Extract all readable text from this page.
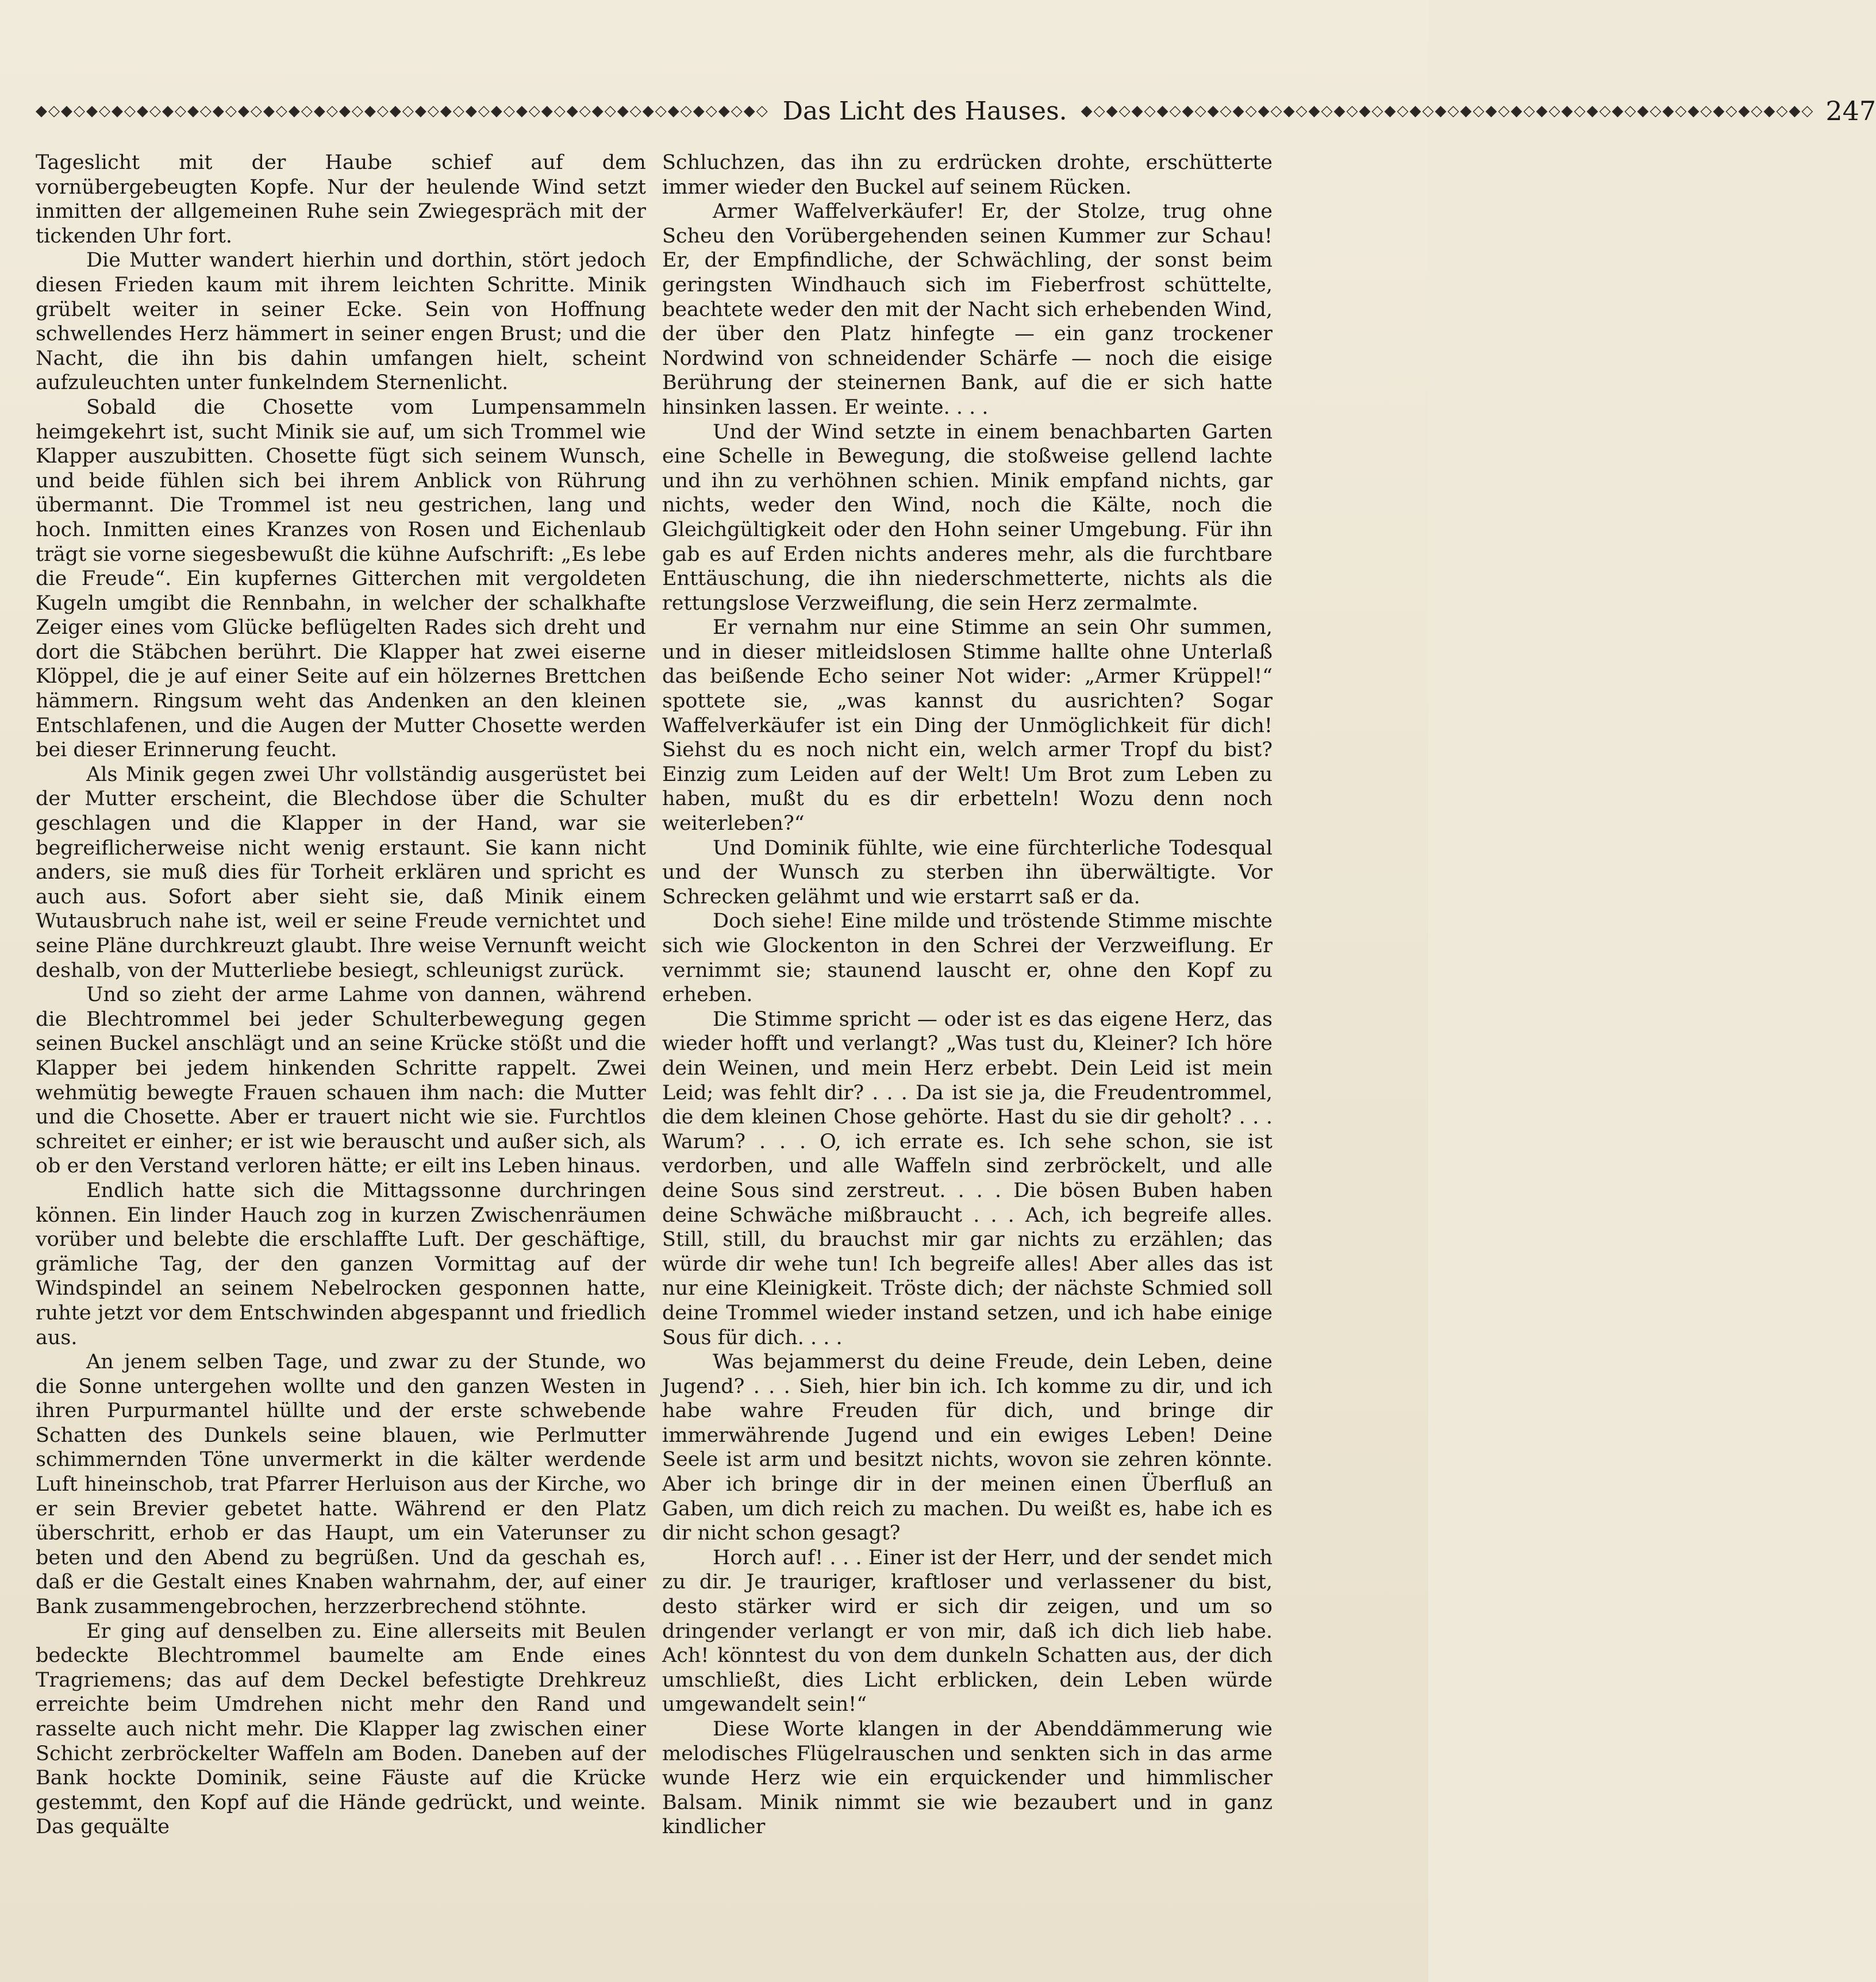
◆◇◆◇◆◇◆◇◆◇◆◇◆◇◆◇◆◇◆◇◆◇◆◇◆◇◆◇◆◇◆◇◆◇◆◇◆◇◆◇◆◇◆◇◆◇◆◇◆◇◆◇◆◇◆◇◆◇ Das Licht des Hauses. ◆◇◆◇◆◇◆◇◆◇◆◇◆◇◆◇◆◇◆◇◆◇◆◇◆◇◆◇◆◇◆◇◆◇◆◇◆◇◆◇◆◇◆◇◆◇◆◇◆◇◆◇◆◇◆◇◆◇ 247

Tageslicht mit der Haube schief auf dem vornübergebeugten Kopfe. Nur der heulende Wind setzt inmitten der allgemeinen Ruhe sein Zwiegespräch mit der tickenden Uhr fort.

Die Mutter wandert hierhin und dorthin, stört jedoch diesen Frieden kaum mit ihrem leichten Schritte. Minik grübelt weiter in seiner Ecke. Sein von Hoffnung schwellendes Herz hämmert in seiner engen Brust; und die Nacht, die ihn bis dahin umfangen hielt, scheint aufzuleuchten unter funkelndem Sternenlicht.

Sobald die Chosette vom Lumpensammeln heimgekehrt ist, sucht Minik sie auf, um sich Trommel wie Klapper auszubitten. Chosette fügt sich seinem Wunsch, und beide fühlen sich bei ihrem Anblick von Rührung übermannt. Die Trommel ist neu gestrichen, lang und hoch. Inmitten eines Kranzes von Rosen und Eichenlaub trägt sie vorne siegesbewußt die kühne Aufschrift: „Es lebe die Freude“. Ein kupfernes Gitterchen mit vergoldeten Kugeln umgibt die Rennbahn, in welcher der schalkhafte Zeiger eines vom Glücke beflügelten Rades sich dreht und dort die Stäbchen berührt. Die Klapper hat zwei eiserne Klöppel, die je auf einer Seite auf ein hölzernes Brettchen hämmern. Ringsum weht das Andenken an den kleinen Entschlafenen, und die Augen der Mutter Chosette werden bei dieser Erinnerung feucht.

Als Minik gegen zwei Uhr vollständig ausgerüstet bei der Mutter erscheint, die Blechdose über die Schulter geschlagen und die Klapper in der Hand, war sie begreiflicherweise nicht wenig erstaunt. Sie kann nicht anders, sie muß dies für Torheit erklären und spricht es auch aus. Sofort aber sieht sie, daß Minik einem Wutausbruch nahe ist, weil er seine Freude vernichtet und seine Pläne durchkreuzt glaubt. Ihre weise Vernunft weicht deshalb, von der Mutterliebe besiegt, schleunigst zurück.

Und so zieht der arme Lahme von dannen, während die Blechtrommel bei jeder Schulterbewegung gegen seinen Buckel anschlägt und an seine Krücke stößt und die Klapper bei jedem hinkenden Schritte rappelt. Zwei wehmütig bewegte Frauen schauen ihm nach: die Mutter und die Chosette. Aber er trauert nicht wie sie. Furchtlos schreitet er einher; er ist wie berauscht und außer sich, als ob er den Verstand verloren hätte; er eilt ins Leben hinaus.

Endlich hatte sich die Mittagssonne durchringen können. Ein linder Hauch zog in kurzen Zwischenräumen vorüber und belebte die erschlaffte Luft. Der geschäftige, grämliche Tag, der den ganzen Vormittag auf der Windspindel an seinem Nebelrocken gesponnen hatte, ruhte jetzt vor dem Entschwinden abgespannt und friedlich aus.

An jenem selben Tage, und zwar zu der Stunde, wo die Sonne untergehen wollte und den ganzen Westen in ihren Purpurmantel hüllte und der erste schwebende Schatten des Dunkels seine blauen, wie Perlmutter schimmernden Töne unvermerkt in die kälter werdende Luft hineinschob, trat Pfarrer Herluison aus der Kirche, wo er sein Brevier gebetet hatte. Während er den Platz überschritt, erhob er das Haupt, um ein Vaterunser zu beten und den Abend zu begrüßen. Und da geschah es, daß er die Gestalt eines Knaben wahrnahm, der, auf einer Bank zusammengebrochen, herzzerbrechend stöhnte.

Er ging auf denselben zu. Eine allerseits mit Beulen bedeckte Blechtrommel baumelte am Ende eines Tragriemens; das auf dem Deckel befestigte Drehkreuz erreichte beim Umdrehen nicht mehr den Rand und rasselte auch nicht mehr. Die Klapper lag zwischen einer Schicht zerbröckelter Waffeln am Boden. Daneben auf der Bank hockte Dominik, seine Fäuste auf die Krücke gestemmt, den Kopf auf die Hände gedrückt, und weinte. Das gequälte

Schluchzen, das ihn zu erdrücken drohte, erschütterte immer wieder den Buckel auf seinem Rücken.

Armer Waffelverkäufer! Er, der Stolze, trug ohne Scheu den Vorübergehenden seinen Kummer zur Schau! Er, der Empfindliche, der Schwächling, der sonst beim geringsten Windhauch sich im Fieberfrost schüttelte, beachtete weder den mit der Nacht sich erhebenden Wind, der über den Platz hinfegte — ein ganz trockener Nordwind von schneidender Schärfe — noch die eisige Berührung der steinernen Bank, auf die er sich hatte hinsinken lassen. Er weinte. . . .

Und der Wind setzte in einem benachbarten Garten eine Schelle in Bewegung, die stoßweise gellend lachte und ihn zu verhöhnen schien. Minik empfand nichts, gar nichts, weder den Wind, noch die Kälte, noch die Gleichgültigkeit oder den Hohn seiner Umgebung. Für ihn gab es auf Erden nichts anderes mehr, als die furchtbare Enttäuschung, die ihn niederschmetterte, nichts als die rettungslose Verzweiflung, die sein Herz zermalmte.

Er vernahm nur eine Stimme an sein Ohr summen, und in dieser mitleidslosen Stimme hallte ohne Unterlaß das beißende Echo seiner Not wider: „Armer Krüppel!“ spottete sie, „was kannst du ausrichten? Sogar Waffelverkäufer ist ein Ding der Unmöglichkeit für dich! Siehst du es noch nicht ein, welch armer Tropf du bist? Einzig zum Leiden auf der Welt! Um Brot zum Leben zu haben, mußt du es dir erbetteln! Wozu denn noch weiterleben?“

Und Dominik fühlte, wie eine fürchterliche Todesqual und der Wunsch zu sterben ihn überwältigte. Vor Schrecken gelähmt und wie erstarrt saß er da.

Doch siehe! Eine milde und tröstende Stimme mischte sich wie Glockenton in den Schrei der Verzweiflung. Er vernimmt sie; staunend lauscht er, ohne den Kopf zu erheben.

Die Stimme spricht — oder ist es das eigene Herz, das wieder hofft und verlangt? „Was tust du, Kleiner? Ich höre dein Weinen, und mein Herz erbebt. Dein Leid ist mein Leid; was fehlt dir? . . . Da ist sie ja, die Freudentrommel, die dem kleinen Chose gehörte. Hast du sie dir geholt? . . . Warum? . . . O, ich errate es. Ich sehe schon, sie ist verdorben, und alle Waffeln sind zerbröckelt, und alle deine Sous sind zerstreut. . . . Die bösen Buben haben deine Schwäche mißbraucht . . . Ach, ich begreife alles. Still, still, du brauchst mir gar nichts zu erzählen; das würde dir wehe tun! Ich begreife alles! Aber alles das ist nur eine Kleinigkeit. Tröste dich; der nächste Schmied soll deine Trommel wieder instand setzen, und ich habe einige Sous für dich. . . .

Was bejammerst du deine Freude, dein Leben, deine Jugend? . . . Sieh, hier bin ich. Ich komme zu dir, und ich habe wahre Freuden für dich, und bringe dir immerwährende Jugend und ein ewiges Leben! Deine Seele ist arm und besitzt nichts, wovon sie zehren könnte. Aber ich bringe dir in der meinen einen Überfluß an Gaben, um dich reich zu machen. Du weißt es, habe ich es dir nicht schon gesagt?

Horch auf! . . . Einer ist der Herr, und der sendet mich zu dir. Je trauriger, kraftloser und verlassener du bist, desto stärker wird er sich dir zeigen, und um so dringender verlangt er von mir, daß ich dich lieb habe. Ach! könntest du von dem dunkeln Schatten aus, der dich umschließt, dies Licht erblicken, dein Leben würde umgewandelt sein!“

Diese Worte klangen in der Abenddämmerung wie melodisches Flügelrauschen und senkten sich in das arme wunde Herz wie ein erquickender und himmlischer Balsam. Minik nimmt sie wie bezaubert und in ganz kindlicher
